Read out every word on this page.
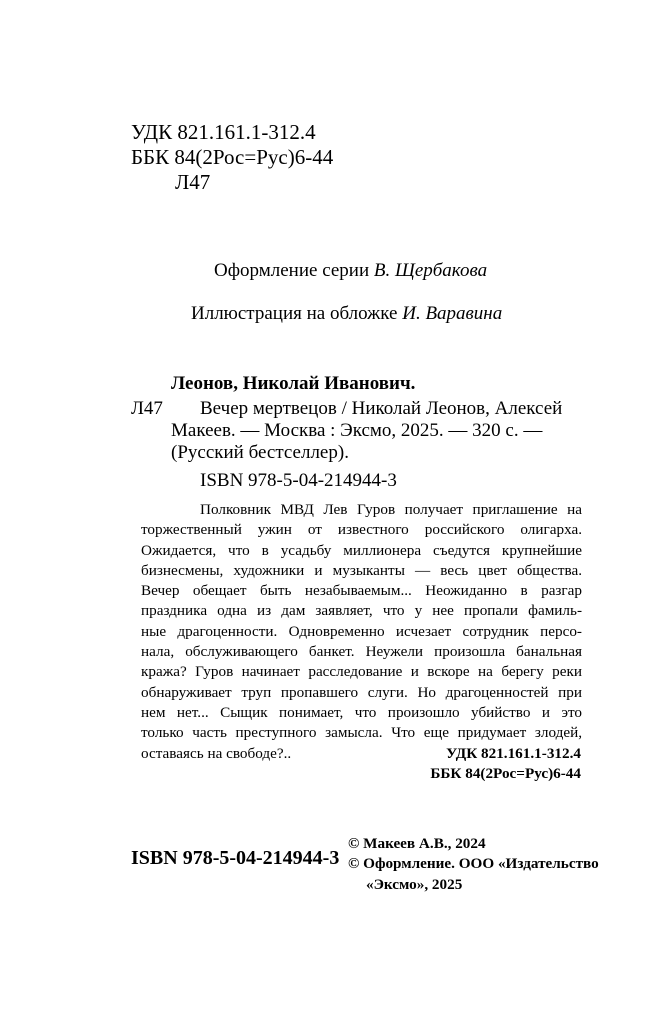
УДК 821.161.1-312.4
ББК 84(2Рос=Рус)6-44
Л47
Оформление серии В. Щербакова
Иллюстрация на обложке И. Варавина
Леонов, Николай Иванович.
Л47 Вечер мертвецов / Николай Леонов, Алексей
Макеев. — Москва : Эксмо, 2025. — 320 с. —
(Русский бестселлер).
ISBN 978-5-04-214944-3
Полковник МВД Лев Гуров получает приглашение на
торжественный ужин от известного российского олигарха.
Ожидается, что в усадьбу миллионера съедутся крупнейшие
бизнесмены, художники и музыканты — весь цвет общества.
Вечер обещает быть незабываемым... Неожиданно в разгар
праздника одна из дам заявляет, что у нее пропали фамиль-
ные драгоценности. Одновременно исчезает сотрудник персо-
нала, обслуживающего банкет. Неужели произошла банальная
кража? Гуров начинает расследование и вскоре на берегу реки
обнаруживает труп пропавшего слуги. Но драгоценностей при
нем нет... Сыщик понимает, что произошло убийство и это
только часть преступного замысла. Что еще придумает злодей,
оставаясь на свободе?..	УДК 821.161.1-312.4
ББК 84(2Рос=Рус)6-44
ISBN 978-5-04-214944-3
© Макеев А.В., 2024
© Оформление. ООО «Издательство
«Эксмо», 2025
